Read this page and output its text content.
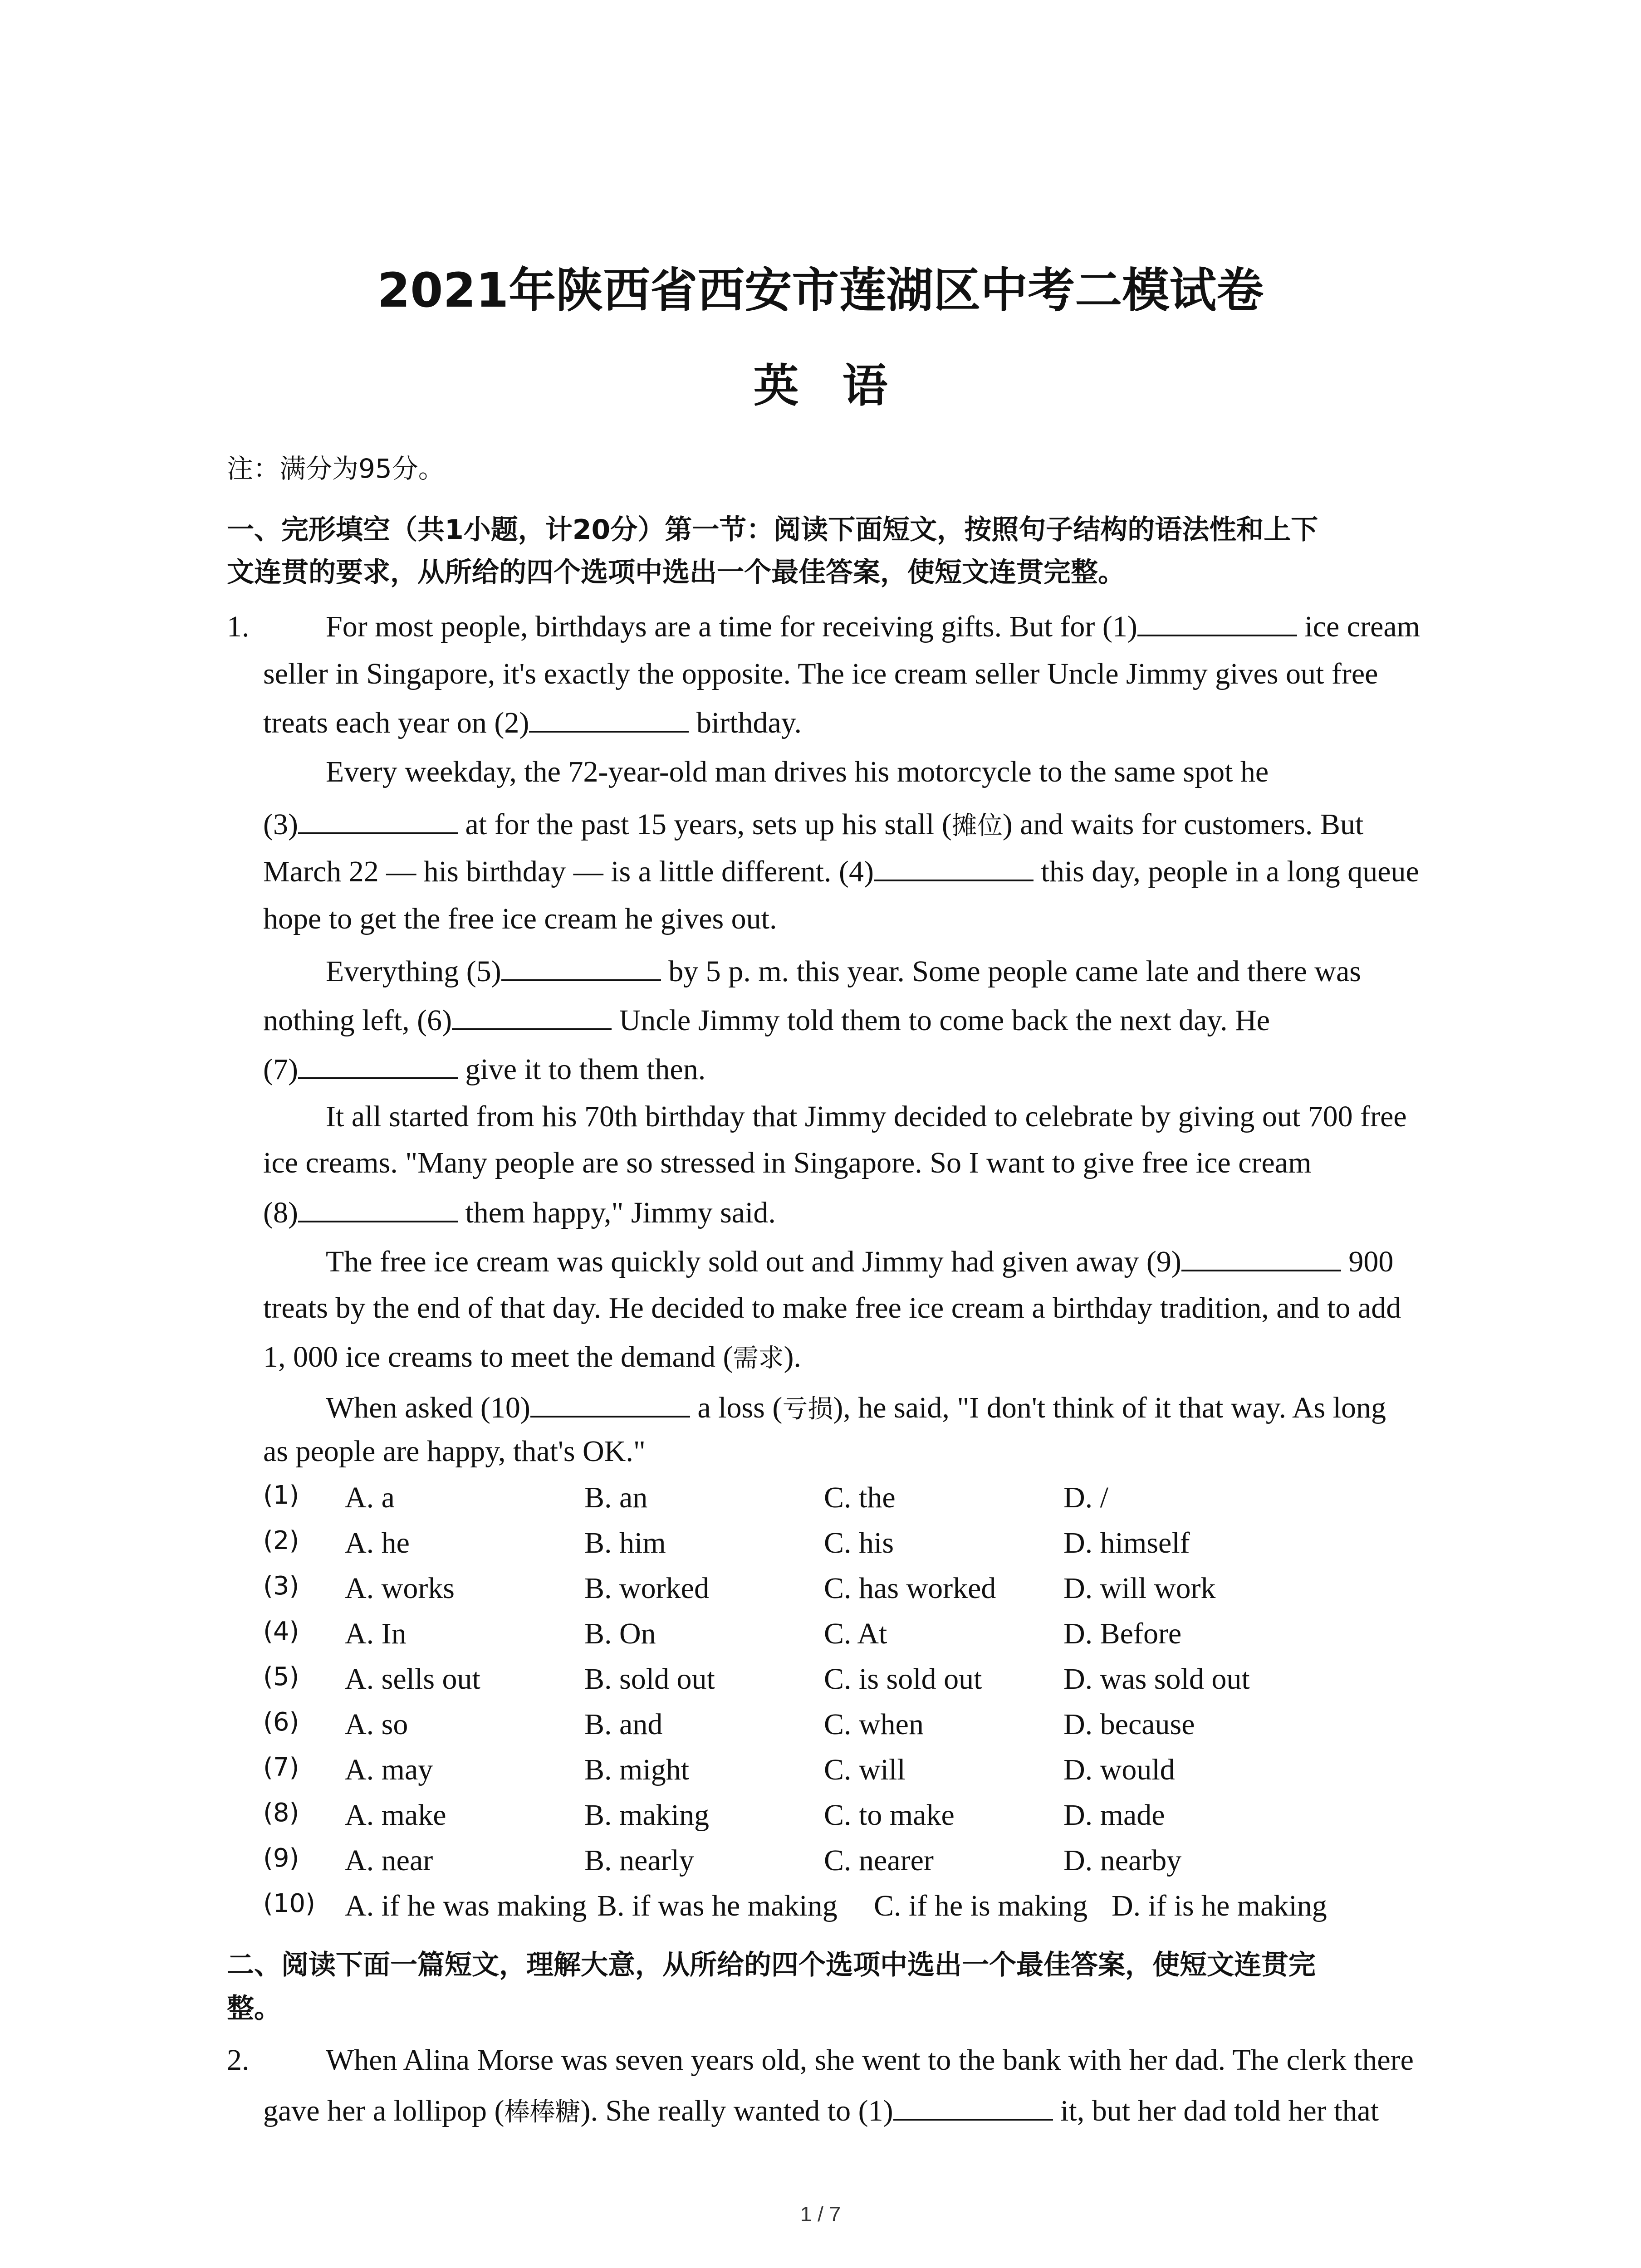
2021年陕西省西安市莲湖区中考二模试卷
英语
注：满分为95分。
一、完形填空（共1小题，计20分）第一节：阅读下面短文，按照句子结构的语法性和上下
文连贯的要求，从所给的四个选项中选出一个最佳答案，使短文连贯完整。
1.	For most people, birthdays are a time for receiving gifts. But for (1)	ice cream
seller in Singapore, it's exactly the opposite. The ice cream seller Uncle Jimmy gives out free
treats each year on (2)	birthday.
Every weekday, the 72-year-old man drives his motorcycle to the same spot he
(3)	at for the past 15 years, sets up his stall (摊位) and waits for customers. But
March 22 — his birthday — is a little different. (4)	this day, people in a long queue
hope to get the free ice cream he gives out.
Everything (5)	by 5 p. m. this year. Some people came late and there was
nothing left, (6)	Uncle Jimmy told them to come back the next day. He
(7)	give it to them then.
It all started from his 70th birthday that Jimmy decided to celebrate by giving out 700 free
ice creams. "Many people are so stressed in Singapore. So I want to give free ice cream
(8)	them happy," Jimmy said.
The free ice cream was quickly sold out and Jimmy had given away (9)	900
treats by the end of that day. He decided to make free ice cream a birthday tradition, and to add
1, 000 ice creams to meet the demand (需求).
When asked (10)	a loss (亏损), he said, "I don't think of it that way. As long
as people are happy, that's OK."
(1) A. a	B. an	C. the	D. /
(2) A. he	B. him	C. his	D. himself
(3) A. works	B. worked	C. has worked D. will work
(4) A. In	B. On	C. At	D. Before
(5) A. sells out	B. sold out	C. is sold out	D. was sold out
(6) A. so	B. and	C. when	D. because
(7) A. may	B. might	C. will	D. would
(8) A. make	B. making	C. to make	D. made
(9) A. near	B. nearly	C. nearer	D. nearby
(10) A. if he was making B. if was he making C. if he is making D. if is he making
二、阅读下面一篇短文，理解大意，从所给的四个选项中选出一个最佳答案，使短文连贯完
整。
2.	When Alina Morse was seven years old, she went to the bank with her dad. The clerk there
gave her a lollipop (棒棒糖). She really wanted to (1)	it, but her dad told her that
1 / 7
